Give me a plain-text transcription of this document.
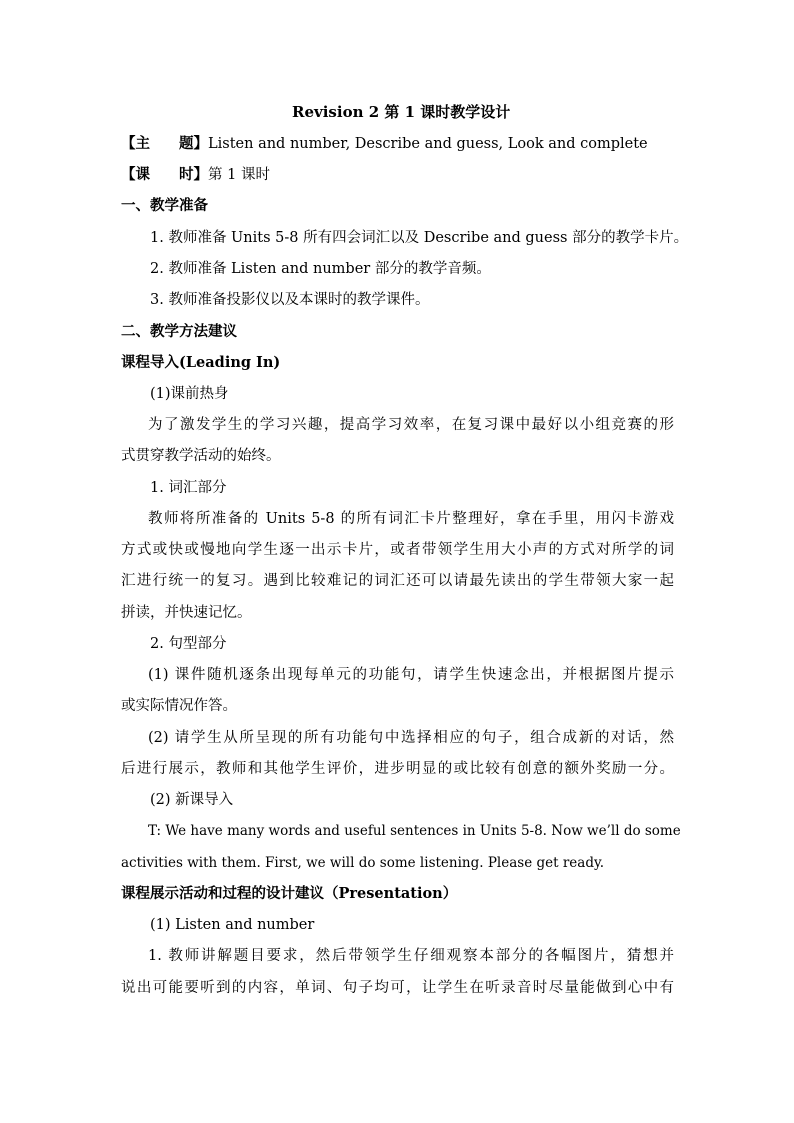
Revision 2 第 1 课时教学设计
【主　　题】Listen and number, Describe and guess, Look and complete
【课　　时】第 1 课时
一、教学准备
1. 教师准备 Units 5-8 所有四会词汇以及 Describe and guess 部分的教学卡片。
2. 教师准备 Listen and number 部分的教学音频。
3. 教师准备投影仪以及本课时的教学课件。
二、教学方法建议
课程导入(Leading In)
(1)课前热身
为了激发学生的学习兴趣，提高学习效率，在复习课中最好以小组竞赛的形
式贯穿教学活动的始终。
1. 词汇部分
教师将所准备的 Units 5-8 的所有词汇卡片整理好，拿在手里，用闪卡游戏
方式或快或慢地向学生逐一出示卡片，或者带领学生用大小声的方式对所学的词
汇进行统一的复习。遇到比较难记的词汇还可以请最先读出的学生带领大家一起
拼读，并快速记忆。
2. 句型部分
(1) 课件随机逐条出现每单元的功能句，请学生快速念出，并根据图片提示
或实际情况作答。
(2) 请学生从所呈现的所有功能句中选择相应的句子，组合成新的对话，然
后进行展示，教师和其他学生评价，进步明显的或比较有创意的额外奖励一分。
(2) 新课导入
T: We have many words and useful sentences in Units 5-8. Now we’ll do some
activities with them. First, we will do some listening. Please get ready.
课程展示活动和过程的设计建议（Presentation）
(1) Listen and number
1. 教师讲解题目要求，然后带领学生仔细观察本部分的各幅图片，猜想并
说出可能要听到的内容，单词、句子均可，让学生在听录音时尽量能做到心中有
